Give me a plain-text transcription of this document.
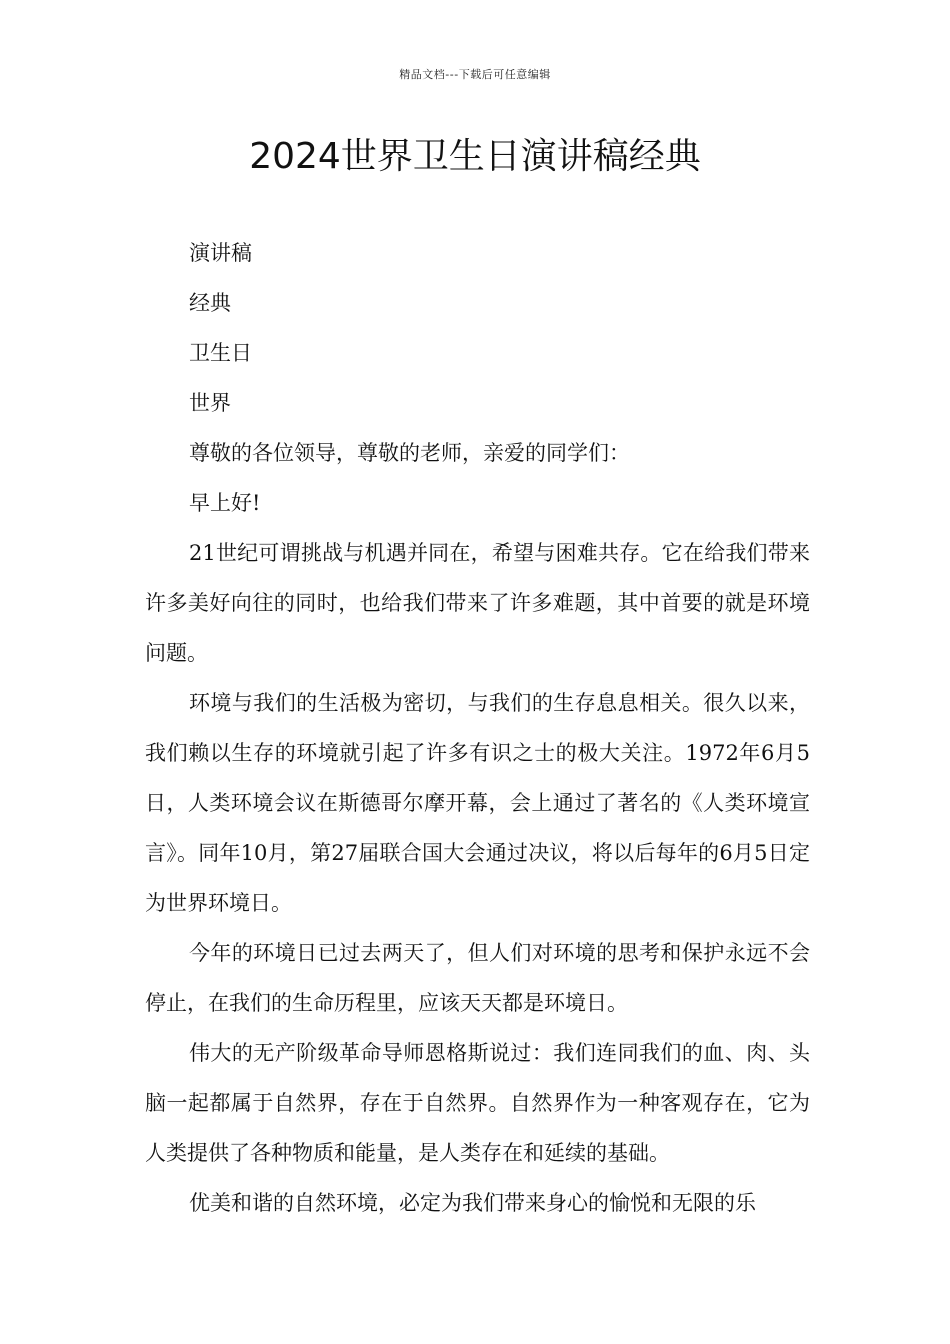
精品文档---下载后可任意编辑
2024世界卫生日演讲稿经典

演讲稿

经典

卫生日

世界

尊敬的各位领导，尊敬的老师，亲爱的同学们：

早上好!

21世纪可谓挑战与机遇并同在，希望与困难共存。它在给我们带来许多美好向往的同时，也给我们带来了许多难题，其中首要的就是环境问题。

环境与我们的生活极为密切，与我们的生存息息相关。很久以来，我们赖以生存的环境就引起了许多有识之士的极大关注。1972年6月5日，人类环境会议在斯德哥尔摩开幕，会上通过了著名的《人类环境宣言》。同年10月，第27届联合国大会通过决议，将以后每年的6月5日定为世界环境日。

今年的环境日已过去两天了，但人们对环境的思考和保护永远不会停止，在我们的生命历程里，应该天天都是环境日。

伟大的无产阶级革命导师恩格斯说过：我们连同我们的血、肉、头脑一起都属于自然界，存在于自然界。自然界作为一种客观存在，它为人类提供了各种物质和能量，是人类存在和延续的基础。

优美和谐的自然环境，必定为我们带来身心的愉悦和无限的乐
